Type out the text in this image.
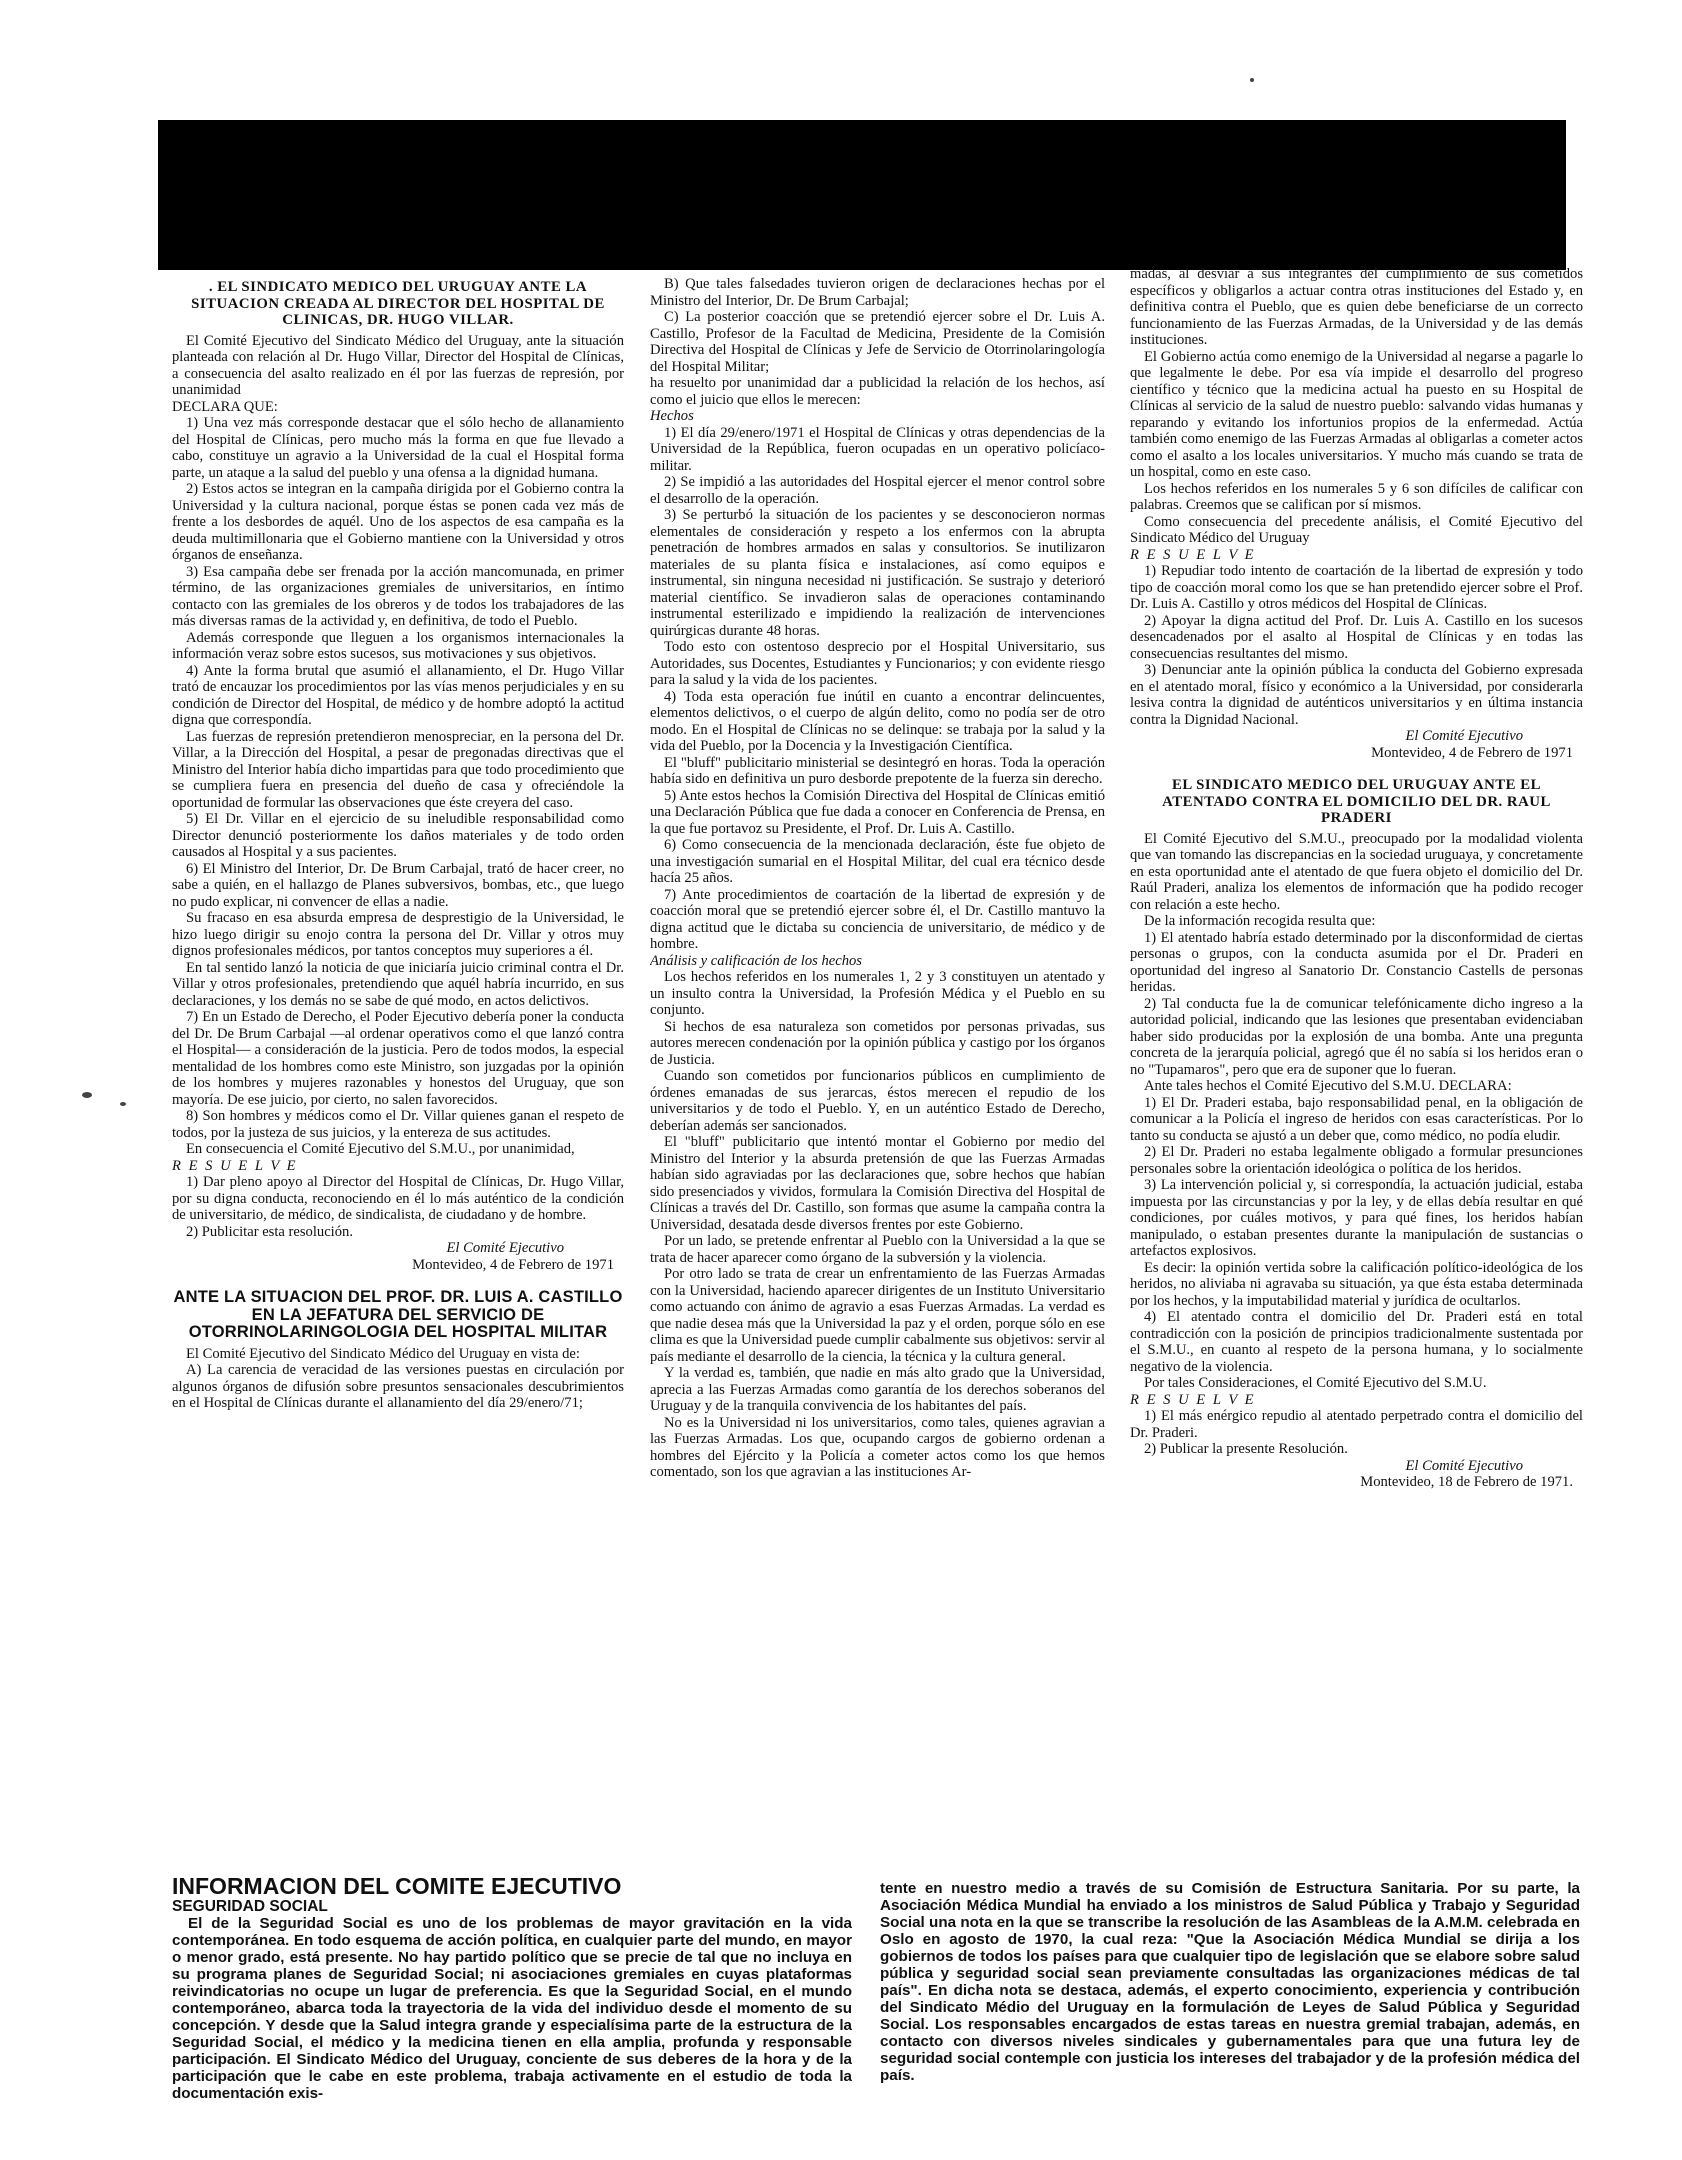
. EL SINDICATO MEDICO DEL URUGUAY ANTE LA SITUACION CREADA AL DIRECTOR DEL HOSPITAL DE CLINICAS, DR. HUGO VILLAR.

El Comité Ejecutivo del Sindicato Médico del Uruguay, ante la situación planteada con relación al Dr. Hugo Villar, Director del Hospital de Clínicas, a consecuencia del asalto realizado en él por las fuerzas de represión, por unanimidad

DECLARA QUE:

1) Una vez más corresponde destacar que el sólo hecho de allanamiento del Hospital de Clínicas, pero mucho más la forma en que fue llevado a cabo, constituye un agravio a la Universidad de la cual el Hospital forma parte, un ataque a la salud del pueblo y una ofensa a la dignidad humana.

2) Estos actos se integran en la campaña dirigida por el Gobierno contra la Universidad y la cultura nacional, porque éstas se ponen cada vez más de frente a los desbordes de aquél. Uno de los aspectos de esa campaña es la deuda multimillonaria que el Gobierno mantiene con la Universidad y otros órganos de enseñanza.

3) Esa campaña debe ser frenada por la acción mancomunada, en primer término, de las organizaciones gremiales de universitarios, en íntimo contacto con las gremiales de los obreros y de todos los trabajadores de las más diversas ramas de la actividad y, en definitiva, de todo el Pueblo.

Además corresponde que lleguen a los organismos internacionales la información veraz sobre estos sucesos, sus motivaciones y sus objetivos.

4) Ante la forma brutal que asumió el allanamiento, el Dr. Hugo Villar trató de encauzar los procedimientos por las vías menos perjudiciales y en su condición de Director del Hospital, de médico y de hombre adoptó la actitud digna que correspondía.

Las fuerzas de represión pretendieron menospreciar, en la persona del Dr. Villar, a la Dirección del Hospital, a pesar de pregonadas directivas que el Ministro del Interior había dicho impartidas para que todo procedimiento que se cumpliera fuera en presencia del dueño de casa y ofreciéndole la oportunidad de formular las observaciones que éste creyera del caso.

5) El Dr. Villar en el ejercicio de su ineludible responsabilidad como Director denunció posteriormente los daños materiales y de todo orden causados al Hospital y a sus pacientes.

6) El Ministro del Interior, Dr. De Brum Carbajal, trató de hacer creer, no sabe a quién, en el hallazgo de Planes subversivos, bombas, etc., que luego no pudo explicar, ni convencer de ellas a nadie.

Su fracaso en esa absurda empresa de desprestigio de la Universidad, le hizo luego dirigir su enojo contra la persona del Dr. Villar y otros muy dignos profesionales médicos, por tantos conceptos muy superiores a él.

En tal sentido lanzó la noticia de que iniciaría juicio criminal contra el Dr. Villar y otros profesionales, pretendiendo que aquél habría incurrido, en sus declaraciones, y los demás no se sabe de qué modo, en actos delictivos.

7) En un Estado de Derecho, el Poder Ejecutivo debería poner la conducta del Dr. De Brum Carbajal —al ordenar operativos como el que lanzó contra el Hospital— a consideración de la justicia. Pero de todos modos, la especial mentalidad de los hombres como este Ministro, son juzgadas por la opinión de los hombres y mujeres razonables y honestos del Uruguay, que son mayoría. De ese juicio, por cierto, no salen favorecidos.

8) Son hombres y médicos como el Dr. Villar quienes ganan el respeto de todos, por la justeza de sus juicios, y la entereza de sus actitudes.

En consecuencia el Comité Ejecutivo del S.M.U., por unanimidad,

R E S U E L V E

1) Dar pleno apoyo al Director del Hospital de Clínicas, Dr. Hugo Villar, por su digna conducta, reconociendo en él lo más auténtico de la condición de universitario, de médico, de sindicalista, de ciudadano y de hombre.

2) Publicitar esta resolución.

El Comité Ejecutivo

Montevideo, 4 de Febrero de 1971

ANTE LA SITUACION DEL PROF. DR. LUIS A. CASTILLO EN LA JEFATURA DEL SERVICIO DE OTORRINOLARINGOLOGIA DEL HOSPITAL MILITAR

El Comité Ejecutivo del Sindicato Médico del Uruguay en vista de:

A) La carencia de veracidad de las versiones puestas en circulación por algunos órganos de difusión sobre presuntos sensacionales descubrimientos en el Hospital de Clínicas durante el allanamiento del día 29/enero/71;

B) Que tales falsedades tuvieron origen de declaraciones hechas por el Ministro del Interior, Dr. De Brum Carbajal;

C) La posterior coacción que se pretendió ejercer sobre el Dr. Luis A. Castillo, Profesor de la Facultad de Medicina, Presidente de la Comisión Directiva del Hospital de Clínicas y Jefe de Servicio de Otorrinolaringología del Hospital Militar;

ha resuelto por unanimidad dar a publicidad la relación de los hechos, así como el juicio que ellos le merecen:

Hechos

1) El día 29/enero/1971 el Hospital de Clínicas y otras dependencias de la Universidad de la República, fueron ocupadas en un operativo policíaco-militar.

2) Se impidió a las autoridades del Hospital ejercer el menor control sobre el desarrollo de la operación.

3) Se perturbó la situación de los pacientes y se desconocieron normas elementales de consideración y respeto a los enfermos con la abrupta penetración de hombres armados en salas y consultorios. Se inutilizaron materiales de su planta física e instalaciones, así como equipos e instrumental, sin ninguna necesidad ni justificación. Se sustrajo y deterioró material científico. Se invadieron salas de operaciones contaminando instrumental esterilizado e impidiendo la realización de intervenciones quirúrgicas durante 48 horas.

Todo esto con ostentoso desprecio por el Hospital Universitario, sus Autoridades, sus Docentes, Estudiantes y Funcionarios; y con evidente riesgo para la salud y la vida de los pacientes.

4) Toda esta operación fue inútil en cuanto a encontrar delincuentes, elementos delictivos, o el cuerpo de algún delito, como no podía ser de otro modo. En el Hospital de Clínicas no se delinque: se trabaja por la salud y la vida del Pueblo, por la Docencia y la Investigación Científica.

El "bluff" publicitario ministerial se desintegró en horas. Toda la operación había sido en definitiva un puro desborde prepotente de la fuerza sin derecho.

5) Ante estos hechos la Comisión Directiva del Hospital de Clínicas emitió una Declaración Pública que fue dada a conocer en Conferencia de Prensa, en la que fue portavoz su Presidente, el Prof. Dr. Luis A. Castillo.

6) Como consecuencia de la mencionada declaración, éste fue objeto de una investigación sumarial en el Hospital Militar, del cual era técnico desde hacía 25 años.

7) Ante procedimientos de coartación de la libertad de expresión y de coacción moral que se pretendió ejercer sobre él, el Dr. Castillo mantuvo la digna actitud que le dictaba su conciencia de universitario, de médico y de hombre.

Análisis y calificación de los hechos

Los hechos referidos en los numerales 1, 2 y 3 constituyen un atentado y un insulto contra la Universidad, la Profesión Médica y el Pueblo en su conjunto.

Si hechos de esa naturaleza son cometidos por personas privadas, sus autores merecen condenación por la opinión pública y castigo por los órganos de Justicia.

Cuando son cometidos por funcionarios públicos en cumplimiento de órdenes emanadas de sus jerarcas, éstos merecen el repudio de los universitarios y de todo el Pueblo. Y, en un auténtico Estado de Derecho, deberían además ser sancionados.

El "bluff" publicitario que intentó montar el Gobierno por medio del Ministro del Interior y la absurda pretensión de que las Fuerzas Armadas habían sido agraviadas por las declaraciones que, sobre hechos que habían sido presenciados y vividos, formulara la Comisión Directiva del Hospital de Clínicas a través del Dr. Castillo, son formas que asume la campaña contra la Universidad, desatada desde diversos frentes por este Gobierno.

Por un lado, se pretende enfrentar al Pueblo con la Universidad a la que se trata de hacer aparecer como órgano de la subversión y la violencia.

Por otro lado se trata de crear un enfrentamiento de las Fuerzas Armadas con la Universidad, haciendo aparecer dirigentes de un Instituto Universitario como actuando con ánimo de agravio a esas Fuerzas Armadas. La verdad es que nadie desea más que la Universidad la paz y el orden, porque sólo en ese clima es que la Universidad puede cumplir cabalmente sus objetivos: servir al país mediante el desarrollo de la ciencia, la técnica y la cultura general.

Y la verdad es, también, que nadie en más alto grado que la Universidad, aprecia a las Fuerzas Armadas como garantía de los derechos soberanos del Uruguay y de la tranquila convivencia de los habitantes del país.

No es la Universidad ni los universitarios, como tales, quienes agravian a las Fuerzas Armadas. Los que, ocupando cargos de gobierno ordenan a hombres del Ejército y la Policía a cometer actos como los que hemos comentado, son los que agravian a las instituciones Ar-

madas, al desviar a sus integrantes del cumplimiento de sus cometidos específicos y obligarlos a actuar contra otras instituciones del Estado y, en definitiva contra el Pueblo, que es quien debe beneficiarse de un correcto funcionamiento de las Fuerzas Armadas, de la Universidad y de las demás instituciones.

El Gobierno actúa como enemigo de la Universidad al negarse a pagarle lo que legalmente le debe. Por esa vía impide el desarrollo del progreso científico y técnico que la medicina actual ha puesto en su Hospital de Clínicas al servicio de la salud de nuestro pueblo: salvando vidas humanas y reparando y evitando los infortunios propios de la enfermedad. Actúa también como enemigo de las Fuerzas Armadas al obligarlas a cometer actos como el asalto a los locales universitarios. Y mucho más cuando se trata de un hospital, como en este caso.

Los hechos referidos en los numerales 5 y 6 son difíciles de calificar con palabras. Creemos que se califican por sí mismos.

Como consecuencia del precedente análisis, el Comité Ejecutivo del Sindicato Médico del Uruguay

R E S U E L V E

1) Repudiar todo intento de coartación de la libertad de expresión y todo tipo de coacción moral como los que se han pretendido ejercer sobre el Prof. Dr. Luis A. Castillo y otros médicos del Hospital de Clínicas.

2) Apoyar la digna actitud del Prof. Dr. Luis A. Castillo en los sucesos desencadenados por el asalto al Hospital de Clínicas y en todas las consecuencias resultantes del mismo.

3) Denunciar ante la opinión pública la conducta del Gobierno expresada en el atentado moral, físico y económico a la Universidad, por considerarla lesiva contra la dignidad de auténticos universitarios y en última instancia contra la Dignidad Nacional.

El Comité Ejecutivo

Montevideo, 4 de Febrero de 1971

EL SINDICATO MEDICO DEL URUGUAY ANTE EL ATENTADO CONTRA EL DOMICILIO DEL DR. RAUL PRADERI

El Comité Ejecutivo del S.M.U., preocupado por la modalidad violenta que van tomando las discrepancias en la sociedad uruguaya, y concretamente en esta oportunidad ante el atentado de que fuera objeto el domicilio del Dr. Raúl Praderi, analiza los elementos de información que ha podido recoger con relación a este hecho.

De la información recogida resulta que:

1) El atentado habría estado determinado por la disconformidad de ciertas personas o grupos, con la conducta asumida por el Dr. Praderi en oportunidad del ingreso al Sanatorio Dr. Constancio Castells de personas heridas.

2) Tal conducta fue la de comunicar telefónicamente dicho ingreso a la autoridad policial, indicando que las lesiones que presentaban evidenciaban haber sido producidas por la explosión de una bomba. Ante una pregunta concreta de la jerarquía policial, agregó que él no sabía si los heridos eran o no "Tupamaros", pero que era de suponer que lo fueran.

Ante tales hechos el Comité Ejecutivo del S.M.U. DECLARA:

1) El Dr. Praderi estaba, bajo responsabilidad penal, en la obligación de comunicar a la Policía el ingreso de heridos con esas características. Por lo tanto su conducta se ajustó a un deber que, como médico, no podía eludir.

2) El Dr. Praderi no estaba legalmente obligado a formular presunciones personales sobre la orientación ideológica o política de los heridos.

3) La intervención policial y, si correspondía, la actuación judicial, estaba impuesta por las circunstancias y por la ley, y de ellas debía resultar en qué condiciones, por cuáles motivos, y para qué fines, los heridos habían manipulado, o estaban presentes durante la manipulación de sustancias o artefactos explosivos.

Es decir: la opinión vertida sobre la calificación político-ideológica de los heridos, no aliviaba ni agravaba su situación, ya que ésta estaba determinada por los hechos, y la imputabilidad material y jurídica de ocultarlos.

4) El atentado contra el domicilio del Dr. Praderi está en total contradicción con la posición de principios tradicionalmente sustentada por el S.M.U., en cuanto al respeto de la persona humana, y lo socialmente negativo de la violencia.

Por tales Consideraciones, el Comité Ejecutivo del S.M.U.

R E S U E L V E

1) El más enérgico repudio al atentado perpetrado contra el domicilio del Dr. Praderi.

2) Publicar la presente Resolución.

El Comité Ejecutivo

Montevideo, 18 de Febrero de 1971.

INFORMACION DEL COMITE EJECUTIVO
SEGURIDAD SOCIAL

El de la Seguridad Social es uno de los problemas de mayor gravitación en la vida contemporánea. En todo esquema de acción política, en cualquier parte del mundo, en mayor o menor grado, está presente. No hay partido político que se precie de tal que no incluya en su programa planes de Seguridad Social; ni asociaciones gremiales en cuyas plataformas reivindicatorias no ocupe un lugar de preferencia. Es que la Seguridad Social, en el mundo contemporáneo, abarca toda la trayectoria de la vida del individuo desde el momento de su concepción. Y desde que la Salud integra grande y especialísima parte de la estructura de la Seguridad Social, el médico y la medicina tienen en ella amplia, profunda y responsable participación. El Sindicato Médico del Uruguay, conciente de sus deberes de la hora y de la participación que le cabe en este problema, trabaja activamente en el estudio de toda la documentación exis-

tente en nuestro medio a través de su Comisión de Estructura Sanitaria. Por su parte, la Asociación Médica Mundial ha enviado a los ministros de Salud Pública y Trabajo y Seguridad Social una nota en la que se transcribe la resolución de las Asambleas de la A.M.M. celebrada en Oslo en agosto de 1970, la cual reza: "Que la Asociación Médica Mundial se dirija a los gobiernos de todos los países para que cualquier tipo de legislación que se elabore sobre salud pública y seguridad social sean previamente consultadas las organizaciones médicas de tal país". En dicha nota se destaca, además, el experto conocimiento, experiencia y contribución del Sindicato Médio del Uruguay en la formulación de Leyes de Salud Pública y Seguridad Social. Los responsables encargados de estas tareas en nuestra gremial trabajan, además, en contacto con diversos niveles sindicales y gubernamentales para que una futura ley de seguridad social contemple con justicia los intereses del trabajador y de la profesión médica del país.
